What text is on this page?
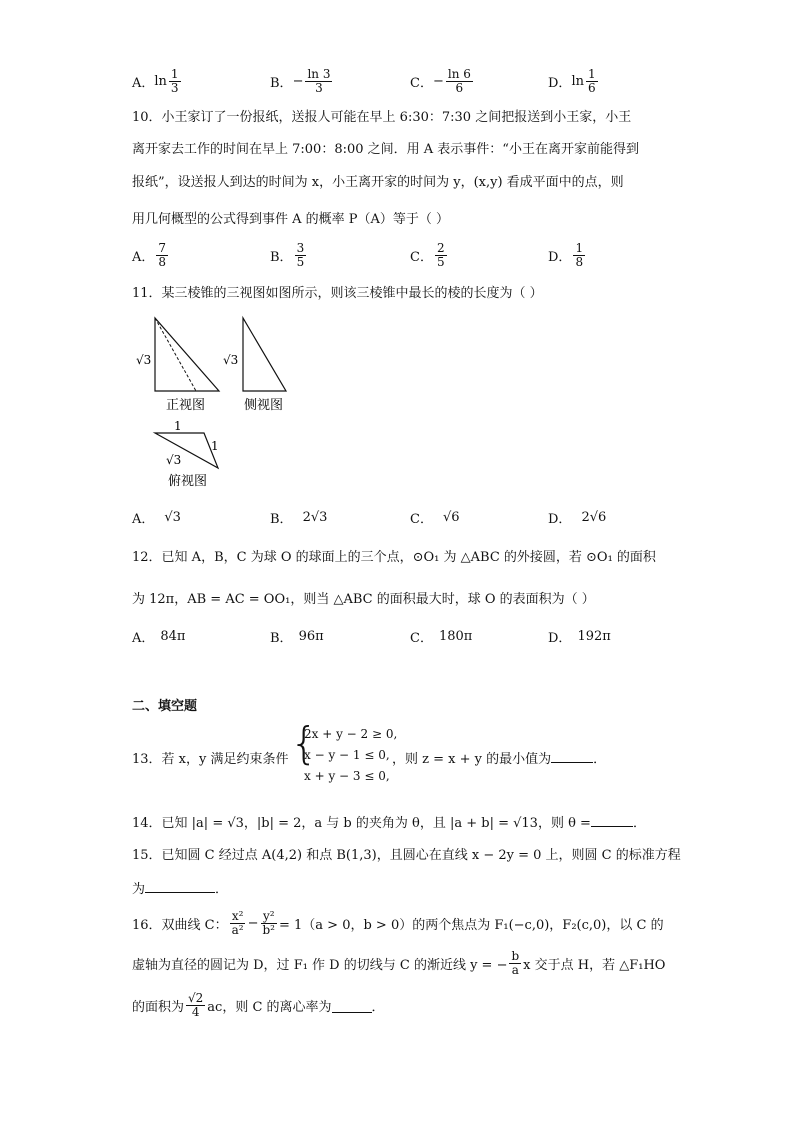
A． $\ln \frac{1}{3}$	B． − $\frac{\ln 3}{3}$	C． − $\frac{\ln 6}{6}$	D． $\ln \frac{1}{6}$
10．小王家订了一份报纸，送报人可能在早上 6:30：7:30 之间把报送到小王家，小王
离开家去工作的时间在早上 7:00：8:00 之间．用 A 表示事件：“小王在离开家前能得到
报纸”，设送报人到达的时间为 x，小王离开家的时间为 y，(x,y) 看成平面中的点，则
用几何概型的公式得到事件 A 的概率 P（A）等于（ ）
A． $\frac{7}{8}$	B． $\frac{3}{5}$	C． $\frac{2}{5}$	D． $\frac{1}{8}$
11．某三棱锥的三视图如图所示，则该三棱锥中最长的棱的长度为（ ）
√3
正视图
√3
侧视图
1
1
√3
俯视图
A． √3	B． 2√3	C． √6	D． 2√6
12．已知 A，B，C 为球 O 的球面上的三个点，⊙O₁ 为 △ABC 的外接圆，若 ⊙O₁ 的面积
为 12π，AB = AC = OO₁，则当 △ABC 的面积最大时，球 O 的表面积为（ ）
A． 84π	B． 96π	C． 180π	D． 192π
二、填空题
13．若 x，y 满足约束条件 {
2x + y − 2 ≥ 0,
x − y − 1 ≤ 0,
x + y − 3 ≤ 0,
，则 z = x + y 的最小值为	．
14．已知 |a| = √3，|b| = 2，a 与 b 的夹角为 θ，且 |a + b| = √13，则 θ =	．
15．已知圆 C 经过点 A(4,2) 和点 B(1,3)，且圆心在直线 x − 2y = 0 上，则圆 C 的标准方程
为	．
16．双曲线 C： $\frac{\text{x²}}{\text{a²}} - \frac{\text{y²}}{\text{b²}} = 1(a > 0$，b > 0）的两个焦点为 F₁(−c,0)，F₂(c,0)，以 C 的
虚轴为直径的圆记为 D，过 F₁ 作 D 的切线与 C 的渐近线 y = − $\frac{b}{a}$ x 交于点 H，若 △F₁HO
的面积为 $\frac{√2}{4}$ ac，则 C 的离心率为	．
